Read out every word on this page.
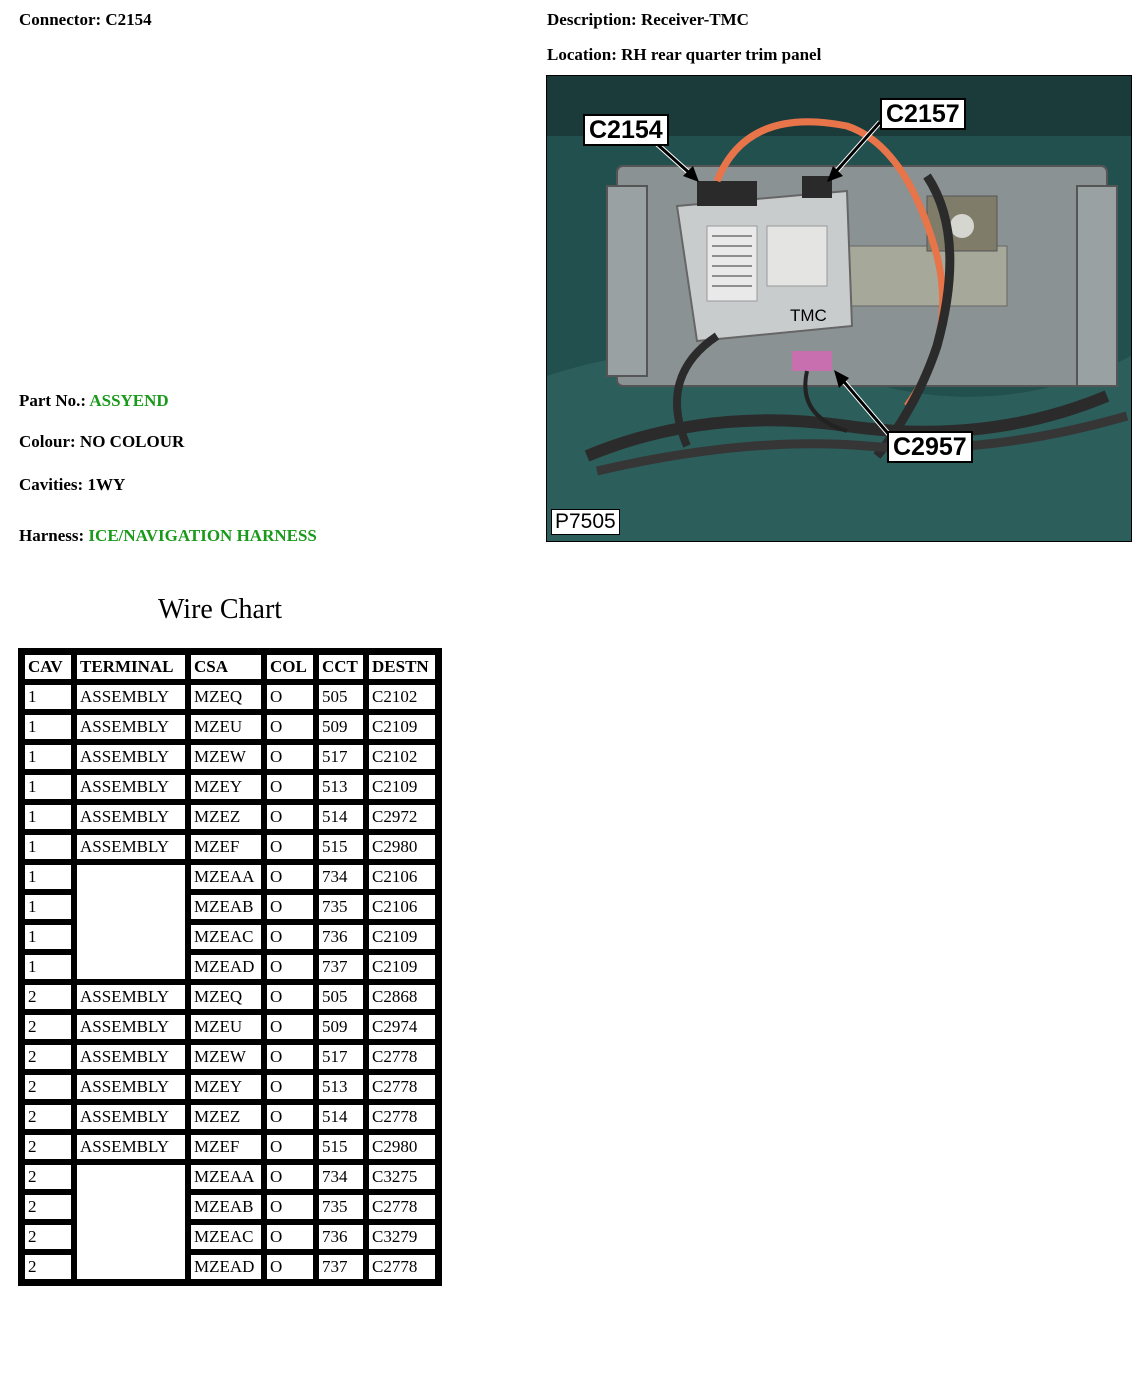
Connector: C2154	Description: Receiver-TMC
Location: RH rear quarter trim panel
C2154
C2157
C2957
TMC
P7505
Part No.: ASSYEND
Colour: NO COLOUR
Cavities: 1WY
Harness: ICE/NAVIGATION HARNESS
Wire Chart
CAV	TERMINAL	CSA	COL	CCT	DESTN
1	ASSEMBLY	MZEQ	O	505	C2102
1	ASSEMBLY	MZEU	O	509	C2109
1	ASSEMBLY	MZEW	O	517	C2102
1	ASSEMBLY	MZEY	O	513	C2109
1	ASSEMBLY	MZEZ	O	514	C2972
1	ASSEMBLY	MZEF	O	515	C2980
1		MZEAA	O	734	C2106
1		MZEAB	O	735	C2106
1		MZEAC	O	736	C2109
1		MZEAD	O	737	C2109
2	ASSEMBLY	MZEQ	O	505	C2868
2	ASSEMBLY	MZEU	O	509	C2974
2	ASSEMBLY	MZEW	O	517	C2778
2	ASSEMBLY	MZEY	O	513	C2778
2	ASSEMBLY	MZEZ	O	514	C2778
2	ASSEMBLY	MZEF	O	515	C2980
2		MZEAA	O	734	C3275
2		MZEAB	O	735	C2778
2		MZEAC	O	736	C3279
2		MZEAD	O	737	C2778
